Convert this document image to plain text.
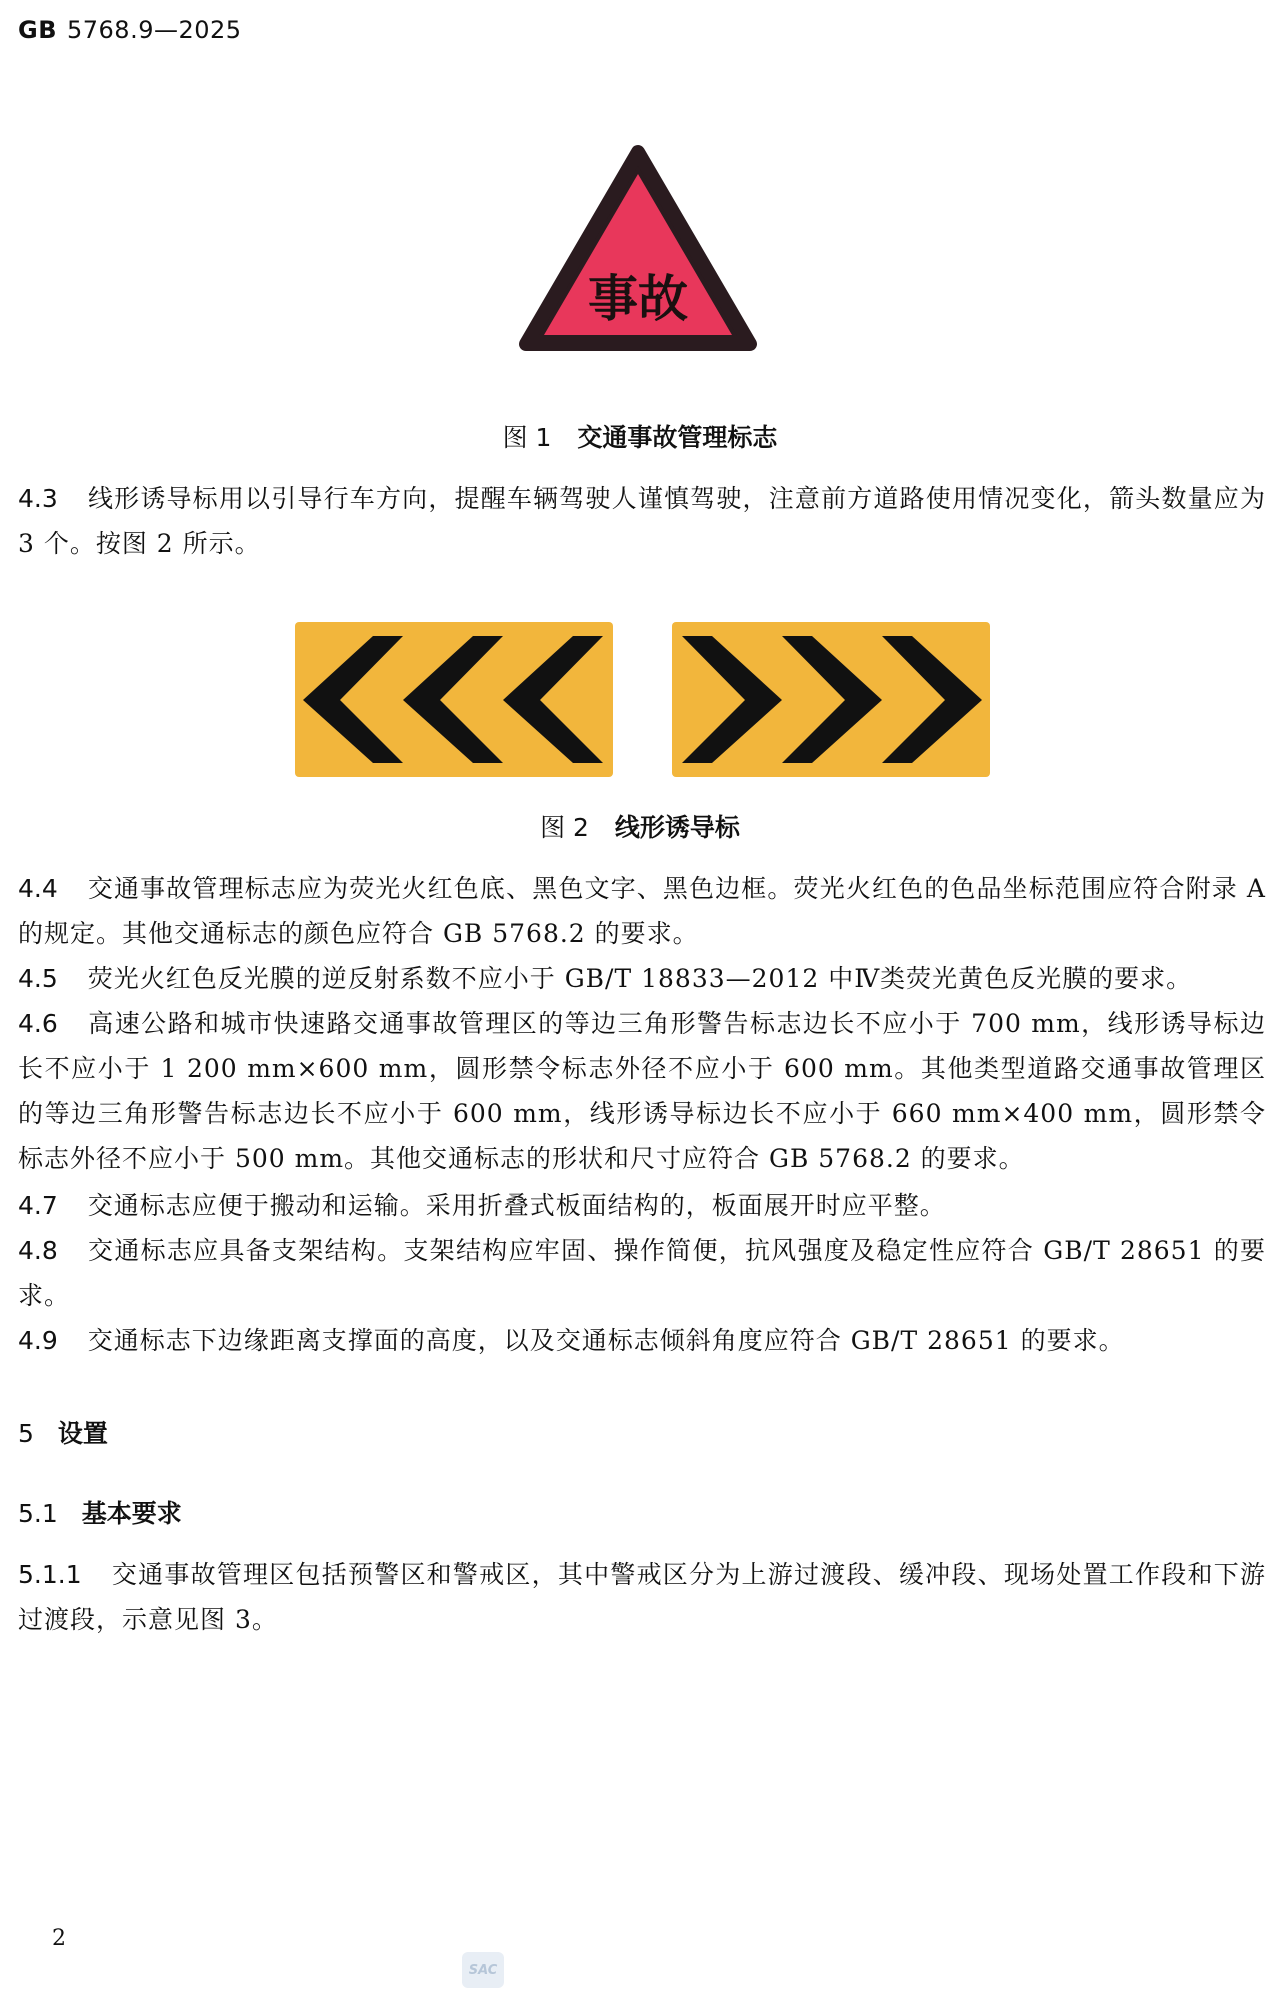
GB 5768.9—2025
事故
图 1 交通事故管理标志
4.3 线形诱导标用以引导行车方向，提醒车辆驾驶人谨慎驾驶，注意前方道路使用情况变化，箭头数量应为 3 个。按图 2 所示。
图 2 线形诱导标
4.4 交通事故管理标志应为荧光火红色底、黑色文字、黑色边框。荧光火红色的色品坐标范围应符合附录 A 的规定。其他交通标志的颜色应符合 GB 5768.2 的要求。
4.5 荧光火红色反光膜的逆反射系数不应小于 GB/T 18833—2012 中Ⅳ类荧光黄色反光膜的要求。
4.6 高速公路和城市快速路交通事故管理区的等边三角形警告标志边长不应小于 700 mm，线形诱导标边长不应小于 1 200 mm×600 mm，圆形禁令标志外径不应小于 600 mm。其他类型道路交通事故管理区的等边三角形警告标志边长不应小于 600 mm，线形诱导标边长不应小于 660 mm×400 mm，圆形禁令标志外径不应小于 500 mm。其他交通标志的形状和尺寸应符合 GB 5768.2 的要求。
4.7 交通标志应便于搬动和运输。采用折叠式板面结构的，板面展开时应平整。
4.8 交通标志应具备支架结构。支架结构应牢固、操作简便，抗风强度及稳定性应符合 GB/T 28651 的要求。
4.9 交通标志下边缘距离支撑面的高度，以及交通标志倾斜角度应符合 GB/T 28651 的要求。
5 设置
5.1 基本要求
5.1.1 交通事故管理区包括预警区和警戒区，其中警戒区分为上游过渡段、缓冲段、现场处置工作段和下游过渡段，示意见图 3。
2
SAC
